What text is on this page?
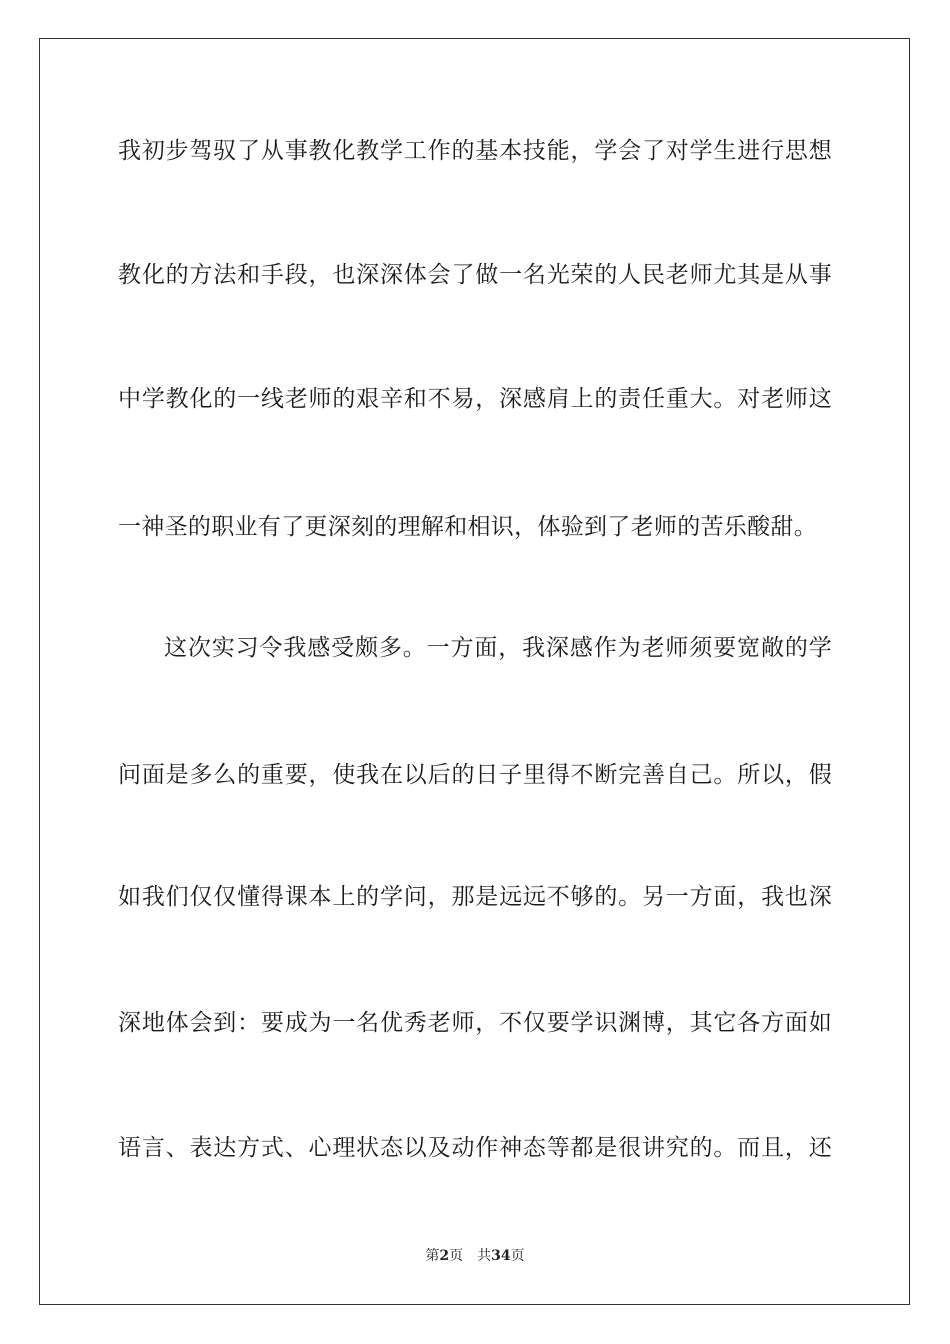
我初步驾驭了从事教化教学工作的基本技能，学会了对学生进行思想
教化的方法和手段，也深深体会了做一名光荣的人民老师尤其是从事
中学教化的一线老师的艰辛和不易，深感肩上的责任重大。对老师这
一神圣的职业有了更深刻的理解和相识，体验到了老师的苦乐酸甜。
这次实习令我感受颇多。一方面，我深感作为老师须要宽敞的学
问面是多么的重要，使我在以后的日子里得不断完善自己。所以，假
如我们仅仅懂得课本上的学问，那是远远不够的。另一方面，我也深
深地体会到：要成为一名优秀老师，不仅要学识渊博，其它各方面如
语言、表达方式、心理状态以及动作神态等都是很讲究的。而且，还
第2页 共34页
